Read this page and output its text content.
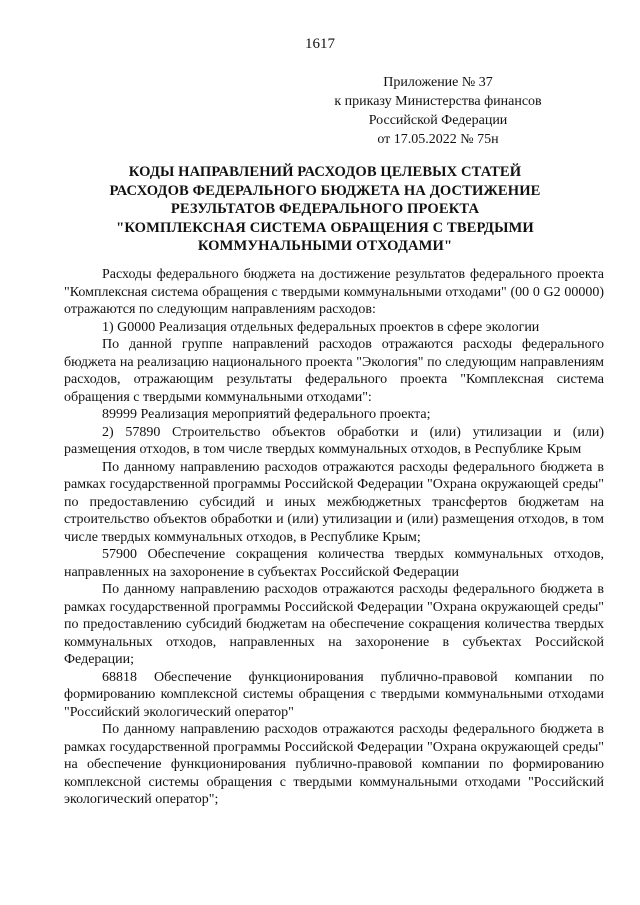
1617
Приложение № 37
к приказу Министерства финансов
Российской Федерации
от 17.05.2022 № 75н
КОДЫ НАПРАВЛЕНИЙ РАСХОДОВ ЦЕЛЕВЫХ СТАТЕЙ
РАСХОДОВ ФЕДЕРАЛЬНОГО БЮДЖЕТА НА ДОСТИЖЕНИЕ
РЕЗУЛЬТАТОВ ФЕДЕРАЛЬНОГО ПРОЕКТА
"КОМПЛЕКСНАЯ СИСТЕМА ОБРАЩЕНИЯ С ТВЕРДЫМИ
КОММУНАЛЬНЫМИ ОТХОДАМИ"

Расходы федерального бюджета на достижение результатов федерального проекта "Комплексная система обращения с твердыми коммунальными отходами" (00 0 G2 00000) отражаются по следующим направлениям расходов:

1) G0000 Реализация отдельных федеральных проектов в сфере экологии

По данной группе направлений расходов отражаются расходы федерального бюджета на реализацию национального проекта "Экология" по следующим направлениям расходов, отражающим результаты федерального проекта "Комплексная система обращения с твердыми коммунальными отходами":

89999 Реализация мероприятий федерального проекта;

2) 57890 Строительство объектов обработки и (или) утилизации и (или) размещения отходов, в том числе твердых коммунальных отходов, в Республике Крым

По данному направлению расходов отражаются расходы федерального бюджета в рамках государственной программы Российской Федерации "Охрана окружающей среды" по предоставлению субсидий и иных межбюджетных трансфертов бюджетам на строительство объектов обработки и (или) утилизации и (или) размещения отходов, в том числе твердых коммунальных отходов, в Республике Крым;

57900 Обеспечение сокращения количества твердых коммунальных отходов, направленных на захоронение в субъектах Российской Федерации

По данному направлению расходов отражаются расходы федерального бюджета в рамках государственной программы Российской Федерации "Охрана окружающей среды" по предоставлению субсидий бюджетам на обеспечение сокращения количества твердых коммунальных отходов, направленных на захоронение в субъектах Российской Федерации;

68818 Обеспечение функционирования публично-правовой компании по формированию комплексной системы обращения с твердыми коммунальными отходами "Российский экологический оператор"

По данному направлению расходов отражаются расходы федерального бюджета в рамках государственной программы Российской Федерации "Охрана окружающей среды" на обеспечение функционирования публично-правовой компании по формированию комплексной системы обращения с твердыми коммунальными отходами "Российский экологический оператор";
